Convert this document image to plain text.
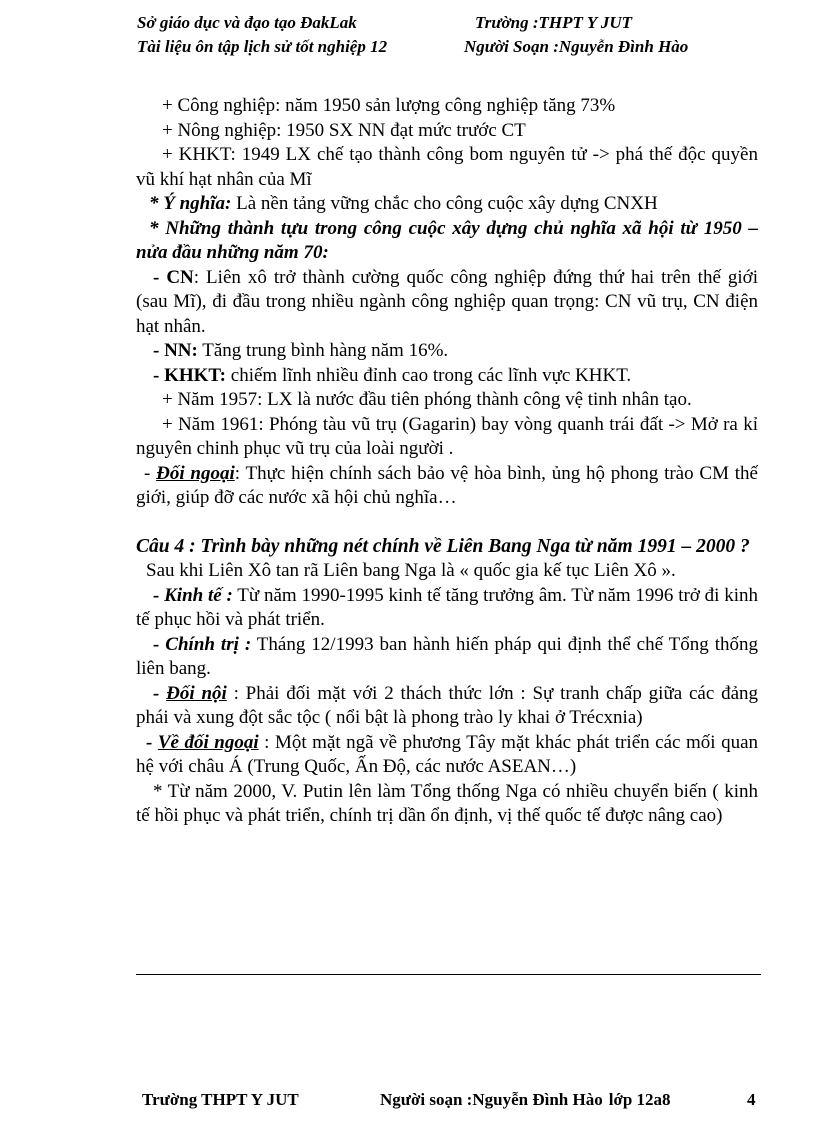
Sở giáo dục và đạo tạo ĐakLak	Trường :THPT Y JUT
Tài liệu ôn tập lịch sử tốt nghiệp 12	Người Soạn :Nguyễn Đình Hào

+ Công nghiệp: năm 1950 sản lượng công nghiệp tăng 73%

+ Nông nghiệp: 1950 SX NN đạt mức trước CT

+ KHKT: 1949 LX chế tạo thành công bom nguyên tử -> phá thế độc quyền vũ khí hạt nhân của Mĩ

* Ý nghĩa: Là nền tảng vững chắc cho công cuộc xây dựng CNXH

* Những thành tựu trong công cuộc xây dựng chủ nghĩa xã hội từ 1950 – nửa đầu những năm 70:

- CN: Liên xô trở thành cường quốc công nghiệp đứng thứ hai trên thế giới (sau Mĩ), đi đầu trong nhiều ngành công nghiệp quan trọng: CN vũ trụ, CN điện hạt nhân.

- NN: Tăng trung bình hàng năm 16%.

- KHKT: chiếm lĩnh nhiều đỉnh cao trong các lĩnh vực KHKT.

+ Năm 1957: LX là nước đầu tiên phóng thành công vệ tinh nhân tạo.

+ Năm 1961: Phóng tàu vũ trụ (Gagarin) bay vòng quanh trái đất -> Mở ra kỉ nguyên chinh phục vũ trụ của loài người .

- Đối ngoại: Thực hiện chính sách bảo vệ hòa bình, ủng hộ phong trào CM thế giới, giúp đỡ các nước xã hội chủ nghĩa…

Câu 4 : Trình bày những nét chính về Liên Bang Nga từ năm 1991 – 2000 ?

Sau khi Liên Xô tan rã Liên bang Nga là « quốc gia kế tục Liên Xô ».

- Kinh tế : Từ năm 1990-1995 kinh tế tăng trưởng âm. Từ năm 1996 trở đi kinh tế phục hồi và phát triển.

- Chính trị : Tháng 12/1993 ban hành hiến pháp qui định thể chế Tổng thống liên bang.

- Đối nội : Phải đối mặt với 2 thách thức lớn : Sự tranh chấp giữa các đảng phái và xung đột sắc tộc ( nổi bật là phong trào ly khai ở Trécxnia)

- Về đối ngoại : Một mặt ngã về phương Tây mặt khác phát triển các mối quan hệ với châu Á (Trung Quốc, Ấn Độ, các nước ASEAN…)

* Từ năm 2000, V. Putin lên làm Tổng thống Nga có nhiều chuyển biến ( kinh tế hồi phục và phát triển, chính trị dần ổn định, vị thế quốc tế được nâng cao)

Trường THPT Y JUT	Người soạn :Nguyễn Đình Hào lớp 12a8	4
